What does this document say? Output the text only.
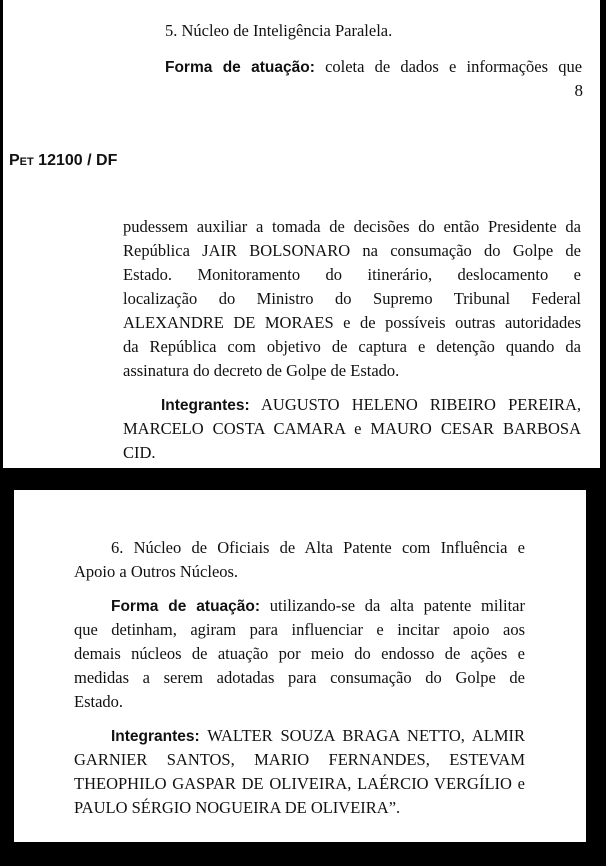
5. Núcleo de Inteligência Paralela.
Forma de atuação: coleta de dados e informações que
8
Pet 12100 / DF
pudessem auxiliar a tomada de decisões do então Presidente da
República JAIR BOLSONARO na consumação do Golpe de
Estado. Monitoramento do itinerário, deslocamento e
localização do Ministro do Supremo Tribunal Federal
ALEXANDRE DE MORAES e de possíveis outras autoridades
da República com objetivo de captura e detenção quando da
assinatura do decreto de Golpe de Estado.
Integrantes: AUGUSTO HELENO RIBEIRO PEREIRA,
MARCELO COSTA CAMARA e MAURO CESAR BARBOSA
CID.
6. Núcleo de Oficiais de Alta Patente com Influência e
Apoio a Outros Núcleos.
Forma de atuação: utilizando-se da alta patente militar
que detinham, agiram para influenciar e incitar apoio aos
demais núcleos de atuação por meio do endosso de ações e
medidas a serem adotadas para consumação do Golpe de
Estado.
Integrantes: WALTER SOUZA BRAGA NETTO, ALMIR
GARNIER SANTOS, MARIO FERNANDES, ESTEVAM
THEOPHILO GASPAR DE OLIVEIRA, LAÉRCIO VERGÍLIO e
PAULO SÉRGIO NOGUEIRA DE OLIVEIRA”.
